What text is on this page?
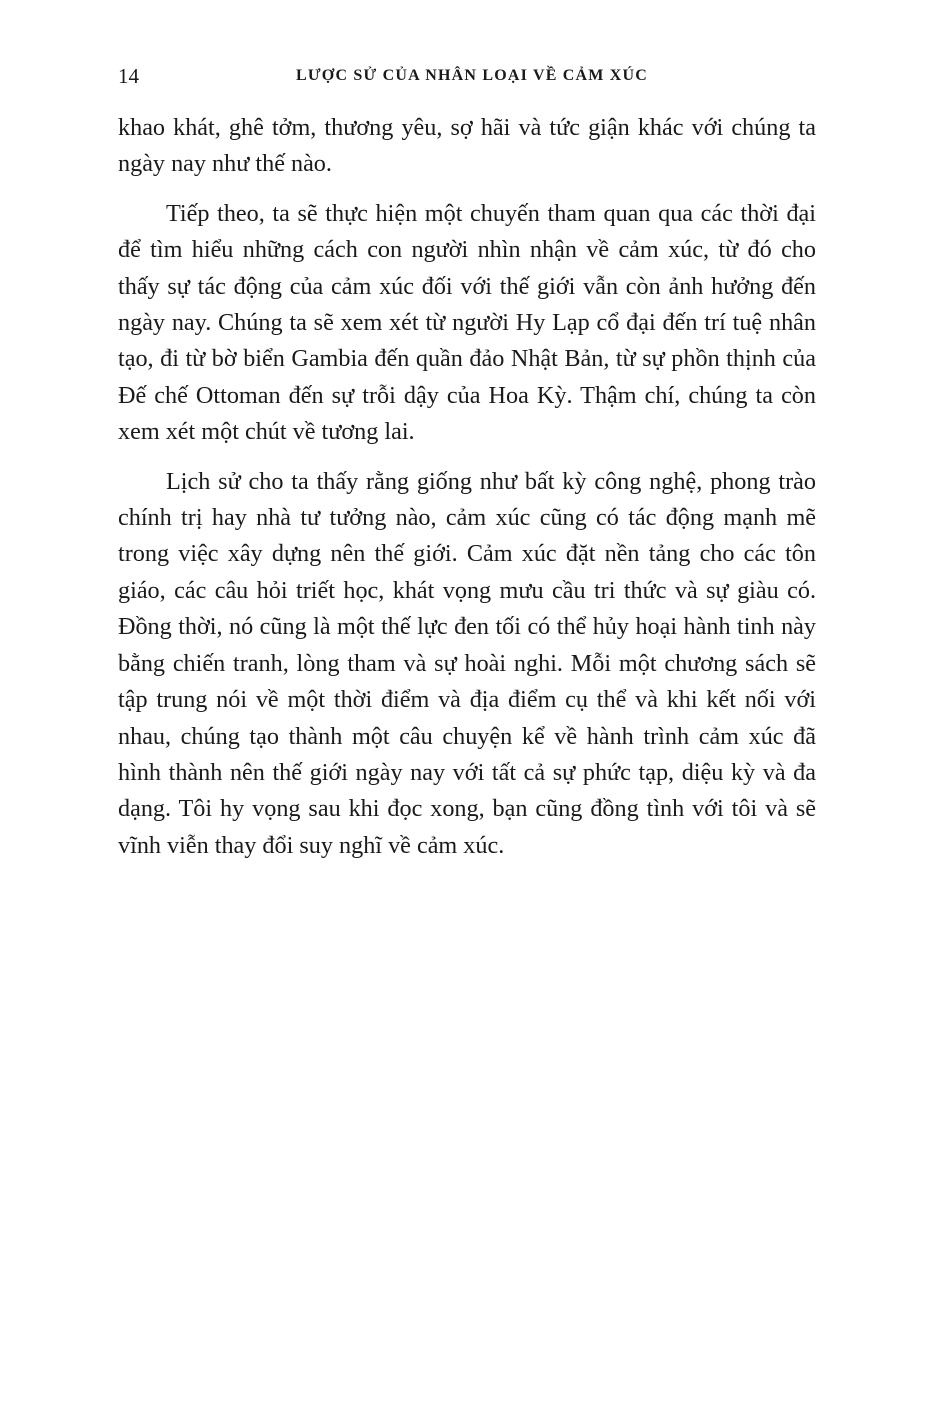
14	LƯỢC SỬ CỦA NHÂN LOẠI VỀ CẢM XÚC

khao khát, ghê tởm, thương yêu, sợ hãi và tức giận khác với chúng ta ngày nay như thế nào.

Tiếp theo, ta sẽ thực hiện một chuyến tham quan qua các thời đại để tìm hiểu những cách con người nhìn nhận về cảm xúc, từ đó cho thấy sự tác động của cảm xúc đối với thế giới vẫn còn ảnh hưởng đến ngày nay. Chúng ta sẽ xem xét từ người Hy Lạp cổ đại đến trí tuệ nhân tạo, đi từ bờ biển Gambia đến quần đảo Nhật Bản, từ sự phồn thịnh của Đế chế Ottoman đến sự trỗi dậy của Hoa Kỳ. Thậm chí, chúng ta còn xem xét một chút về tương lai.

Lịch sử cho ta thấy rằng giống như bất kỳ công nghệ, phong trào chính trị hay nhà tư tưởng nào, cảm xúc cũng có tác động mạnh mẽ trong việc xây dựng nên thế giới. Cảm xúc đặt nền tảng cho các tôn giáo, các câu hỏi triết học, khát vọng mưu cầu tri thức và sự giàu có. Đồng thời, nó cũng là một thế lực đen tối có thể hủy hoại hành tinh này bằng chiến tranh, lòng tham và sự hoài nghi. Mỗi một chương sách sẽ tập trung nói về một thời điểm và địa điểm cụ thể và khi kết nối với nhau, chúng tạo thành một câu chuyện kể về hành trình cảm xúc đã hình thành nên thế giới ngày nay với tất cả sự phức tạp, diệu kỳ và đa dạng. Tôi hy vọng sau khi đọc xong, bạn cũng đồng tình với tôi và sẽ vĩnh viễn thay đổi suy nghĩ về cảm xúc.
